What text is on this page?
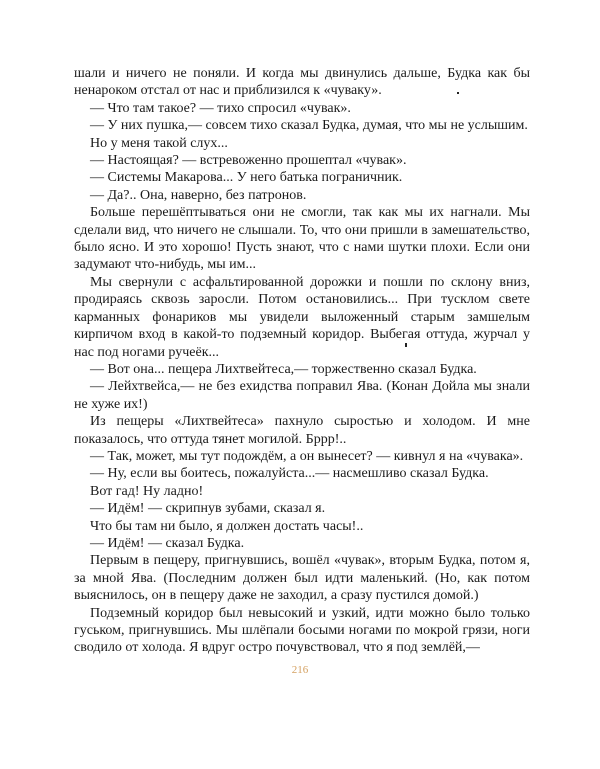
шали и ничего не поняли. И когда мы двинулись дальше, Будка как бы ненароком отстал от нас и приблизился к «чуваку».

— Что там такое? — тихо спросил «чувак».

— У них пушка,— совсем тихо сказал Будка, думая, что мы не услышим.

Но у меня такой слух...

— Настоящая? — встревоженно прошептал «чувак».

— Системы Макарова... У него батька пограничник.

— Да?.. Она, наверно, без патронов.

Больше перешёптываться они не смогли, так как мы их нагнали. Мы сделали вид, что ничего не слышали. То, что они пришли в замешательство, было ясно. И это хорошо! Пусть знают, что с нами шутки плохи. Если они задумают что-нибудь, мы им...

Мы свернули с асфальтированной дорожки и пошли по склону вниз, продираясь сквозь заросли. Потом остановились... При тусклом свете карманных фонариков мы увидели выложенный старым замшелым кирпичом вход в какой-то подземный коридор. Выбегая оттуда, журчал у нас под ногами ручеёк...

— Вот она... пещера Лихтвейтеса,— торжественно сказал Будка.

— Лейхтвейса,— не без ехидства поправил Ява. (Конан Дойла мы знали не хуже их!)

Из пещеры «Лихтвейтеса» пахнуло сыростью и холодом. И мне показалось, что оттуда тянет могилой. Бррр!..

— Так, может, мы тут подождём, а он вынесет? — кивнул я на «чувака».

— Ну, если вы боитесь, пожалуйста...— насмешливо сказал Будка.

Вот гад! Ну ладно!

— Идём! — скрипнув зубами, сказал я.

Что бы там ни было, я должен достать часы!..

— Идём! — сказал Будка.

Первым в пещеру, пригнувшись, вошёл «чувак», вторым Будка, потом я, за мной Ява. (Последним должен был идти маленький. (Но, как потом выяснилось, он в пещеру даже не заходил, а сразу пустился домой.)

Подземный коридор был невысокий и узкий, идти можно было только гуськом, пригнувшись. Мы шлёпали босыми ногами по мокрой грязи, ноги сводило от холода. Я вдруг остро почувствовал, что я под землёй,—

216
